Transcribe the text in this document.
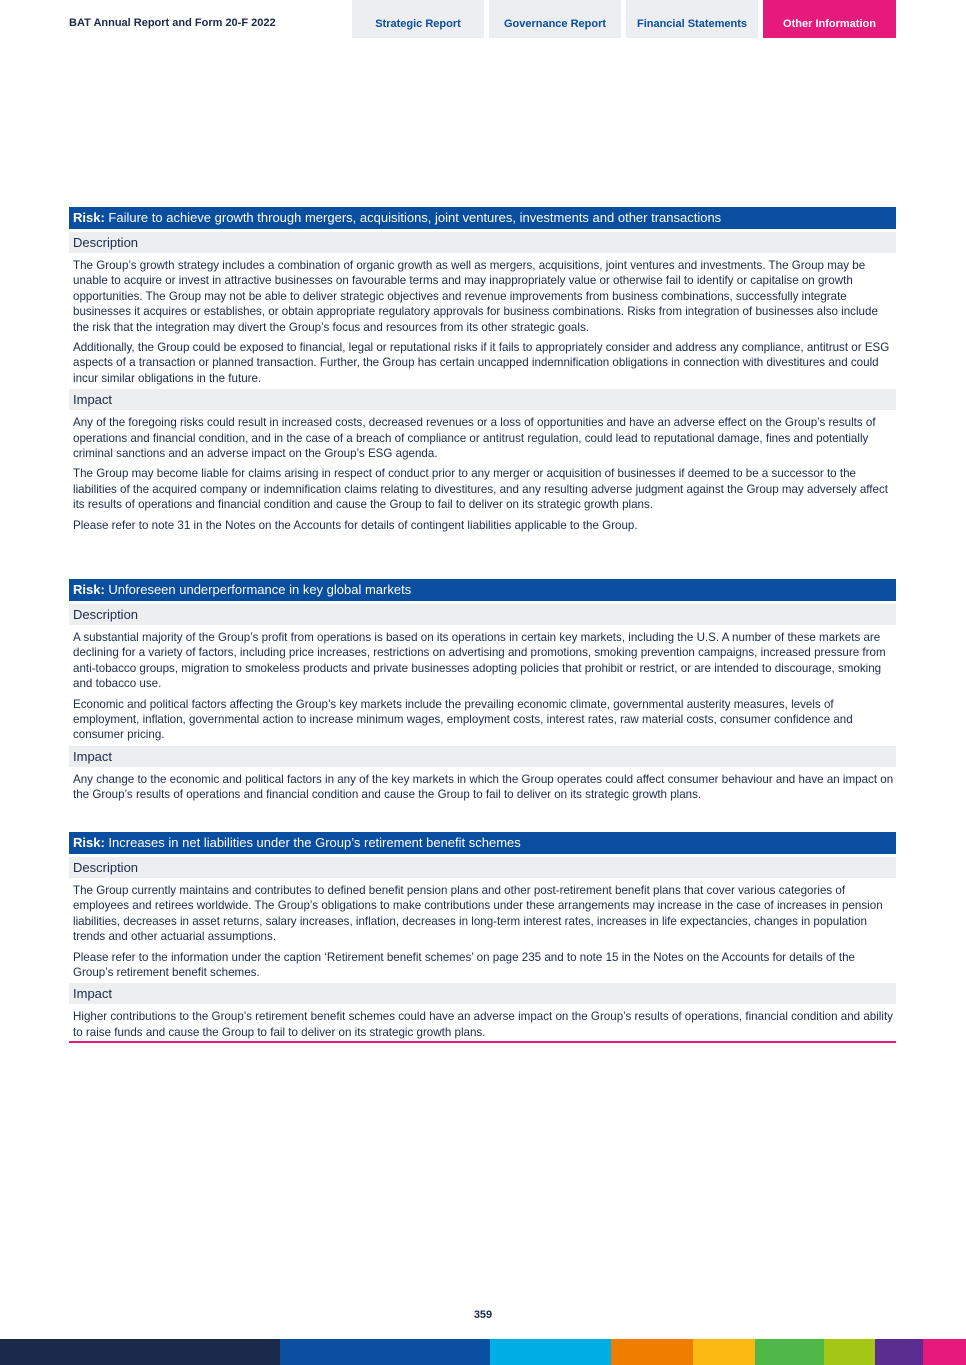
BAT Annual Report and Form 20-F 2022	Strategic Report	Governance Report	Financial Statements	Other Information
Risk: Failure to achieve growth through mergers, acquisitions, joint ventures, investments and other transactions
Description

The Group’s growth strategy includes a combination of organic growth as well as mergers, acquisitions, joint ventures and investments. The Group may be unable to acquire or invest in attractive businesses on favourable terms and may inappropriately value or otherwise fail to identify or capitalise on growth opportunities. The Group may not be able to deliver strategic objectives and revenue improvements from business combinations, successfully integrate businesses it acquires or establishes, or obtain appropriate regulatory approvals for business combinations. Risks from integration of businesses also include the risk that the integration may divert the Group’s focus and resources from its other strategic goals.

Additionally, the Group could be exposed to financial, legal or reputational risks if it fails to appropriately consider and address any compliance, antitrust or ESG aspects of a transaction or planned transaction. Further, the Group has certain uncapped indemnification obligations in connection with divestitures and could incur similar obligations in the future.

Impact

Any of the foregoing risks could result in increased costs, decreased revenues or a loss of opportunities and have an adverse effect on the Group’s results of operations and financial condition, and in the case of a breach of compliance or antitrust regulation, could lead to reputational damage, fines and potentially criminal sanctions and an adverse impact on the Group’s ESG agenda.

The Group may become liable for claims arising in respect of conduct prior to any merger or acquisition of businesses if deemed to be a successor to the liabilities of the acquired company or indemnification claims relating to divestitures, and any resulting adverse judgment against the Group may adversely affect its results of operations and financial condition and cause the Group to fail to deliver on its strategic growth plans.

Please refer to note 31 in the Notes on the Accounts for details of contingent liabilities applicable to the Group.

Risk: Unforeseen underperformance in key global markets
Description

A substantial majority of the Group’s profit from operations is based on its operations in certain key markets, including the U.S. A number of these markets are declining for a variety of factors, including price increases, restrictions on advertising and promotions, smoking prevention campaigns, increased pressure from anti-tobacco groups, migration to smokeless products and private businesses adopting policies that prohibit or restrict, or are intended to discourage, smoking and tobacco use.

Economic and political factors affecting the Group’s key markets include the prevailing economic climate, governmental austerity measures, levels of employment, inflation, governmental action to increase minimum wages, employment costs, interest rates, raw material costs, consumer confidence and consumer pricing.

Impact

Any change to the economic and political factors in any of the key markets in which the Group operates could affect consumer behaviour and have an impact on the Group’s results of operations and financial condition and cause the Group to fail to deliver on its strategic growth plans.

Risk: Increases in net liabilities under the Group’s retirement benefit schemes
Description

The Group currently maintains and contributes to defined benefit pension plans and other post-retirement benefit plans that cover various categories of employees and retirees worldwide. The Group’s obligations to make contributions under these arrangements may increase in the case of increases in pension liabilities, decreases in asset returns, salary increases, inflation, decreases in long-term interest rates, increases in life expectancies, changes in population trends and other actuarial assumptions.

Please refer to the information under the caption ‘Retirement benefit schemes’ on page 235 and to note 15 in the Notes on the Accounts for details of the Group’s retirement benefit schemes.

Impact

Higher contributions to the Group’s retirement benefit schemes could have an adverse impact on the Group’s results of operations, financial condition and ability to raise funds and cause the Group to fail to deliver on its strategic growth plans.

359
